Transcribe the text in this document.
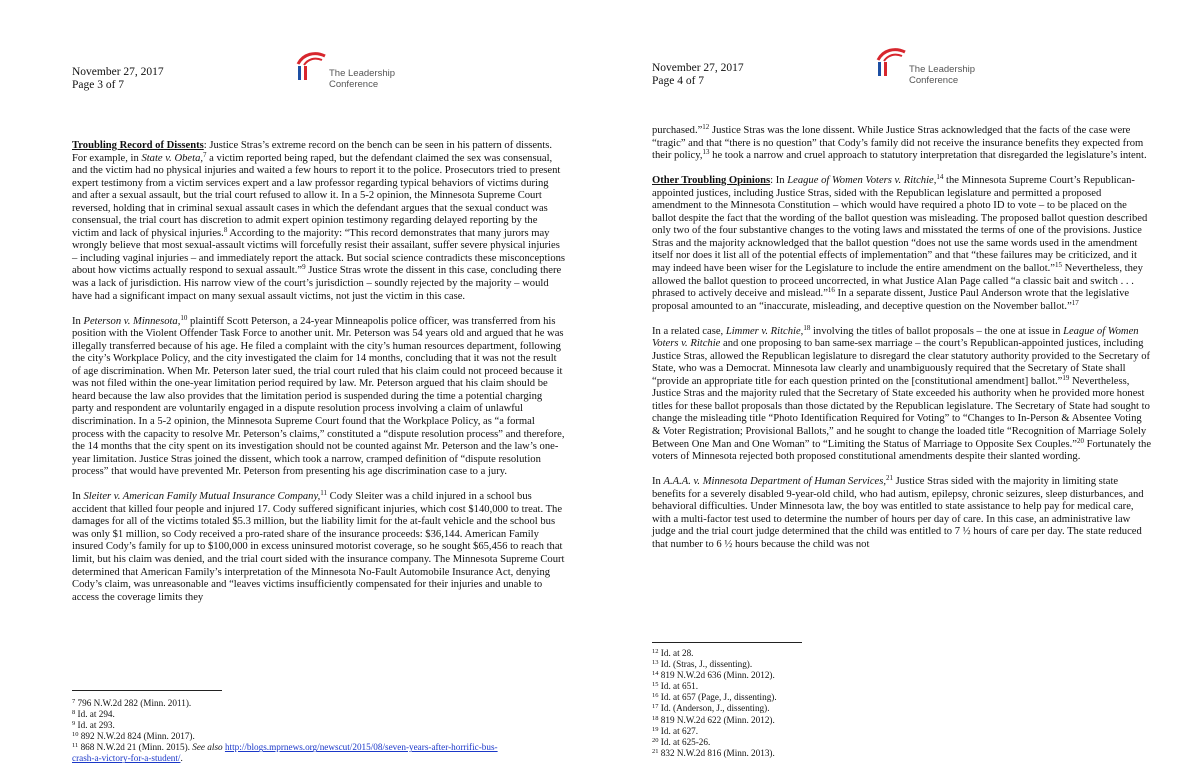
November 27, 2017
Page 3 of 7
The Leadership
Conference

Troubling Record of Dissents: Justice Stras’s extreme record on the bench can be seen in his pattern of dissents. For example, in State v. Obeta,$^7$ a victim reported being raped, but the defendant claimed the sex was consensual, and the victim had no physical injuries and waited a few hours to report it to the police. Prosecutors tried to present expert testimony from a victim services expert and a law professor regarding typical behaviors of victims during and after a sexual assault, but the trial court refused to allow it. In a 5-2 opinion, the Minnesota Supreme Court reversed, holding that in criminal sexual assault cases in which the defendant argues that the sexual conduct was consensual, the trial court has discretion to admit expert opinion testimony regarding delayed reporting by the victim and lack of physical injuries.$^8$ According to the majority: “This record demonstrates that many jurors may wrongly believe that most sexual-assault victims will forcefully resist their assailant, suffer severe physical injuries – including vaginal injuries – and immediately report the attack. But social science contradicts these misconceptions about how victims actually respond to sexual assault.”$^9$ Justice Stras wrote the dissent in this case, concluding there was a lack of jurisdiction. His narrow view of the court’s jurisdiction – soundly rejected by the majority – would have had a significant impact on many sexual assault victims, not just the victim in this case.

In Peterson v. Minnesota,$^{10}$ plaintiff Scott Peterson, a 24-year Minneapolis police officer, was transferred from his position with the Violent Offender Task Force to another unit. Mr. Peterson was 54 years old and argued that he was illegally transferred because of his age. He filed a complaint with the city’s human resources department, following the city’s Workplace Policy, and the city investigated the claim for 14 months, concluding that it was not the result of age discrimination. When Mr. Peterson later sued, the trial court ruled that his claim could not proceed because it was not filed within the one-year limitation period required by law. Mr. Peterson argued that his claim should be heard because the law also provides that the limitation period is suspended during the time a potential charging party and respondent are voluntarily engaged in a dispute resolution process involving a claim of unlawful discrimination. In a 5-2 opinion, the Minnesota Supreme Court found that the Workplace Policy, as “a formal process with the capacity to resolve Mr. Peterson’s claims,” constituted a “dispute resolution process” and therefore, the 14 months that the city spent on its investigation should not be counted against Mr. Peterson and the law’s one-year limitation. Justice Stras joined the dissent, which took a narrow, cramped definition of “dispute resolution process” that would have prevented Mr. Peterson from presenting his age discrimination case to a jury.

In Sleiter v. American Family Mutual Insurance Company,$^{11}$ Cody Sleiter was a child injured in a school bus accident that killed four people and injured 17. Cody suffered significant injuries, which cost $140,000 to treat. The damages for all of the victims totaled $5.3 million, but the liability limit for the at-fault vehicle and the school bus was only $1 million, so Cody received a pro-rated share of the insurance proceeds: $36,144. American Family insured Cody’s family for up to $100,000 in excess uninsured motorist coverage, so he sought $65,456 to reach that limit, but his claim was denied, and the trial court sided with the insurance company. The Minnesota Supreme Court determined that American Family’s interpretation of the Minnesota No-Fault Automobile Insurance Act, denying Cody’s claim, was unreasonable and “leaves victims insufficiently compensated for their injuries and unable to access the coverage limits they

$^7$ 796 N.W.2d 282 (Minn. 2011).
$^8$ Id. at 294.
$^9$ Id. at 293.
$^{10}$ 892 N.W.2d 824 (Minn. 2017).
$^{11}$ 868 N.W.2d 21 (Minn. 2015). See also http://blogs.mprnews.org/newscut/2015/08/seven-years-after-horrific-bus-
crash-a-victory-for-a-student/.
November 27, 2017
Page 4 of 7
The Leadership
Conference

purchased.”$^{12}$ Justice Stras was the lone dissent. While Justice Stras acknowledged that the facts of the case were “tragic” and that “there is no question” that Cody’s family did not receive the insurance benefits they expected from their policy,$^{13}$ he took a narrow and cruel approach to statutory interpretation that disregarded the legislature’s intent.

Other Troubling Opinions: In League of Women Voters v. Ritchie,$^{14}$ the Minnesota Supreme Court’s Republican-appointed justices, including Justice Stras, sided with the Republican legislature and permitted a proposed amendment to the Minnesota Constitution – which would have required a photo ID to vote – to be placed on the ballot despite the fact that the wording of the ballot question was misleading. The proposed ballot question described only two of the four substantive changes to the voting laws and misstated the terms of one of the provisions. Justice Stras and the majority acknowledged that the ballot question “does not use the same words used in the amendment itself nor does it list all of the potential effects of implementation” and that “these failures may be criticized, and it may indeed have been wiser for the Legislature to include the entire amendment on the ballot.”$^{15}$ Nevertheless, they allowed the ballot question to proceed uncorrected, in what Justice Alan Page called “a classic bait and switch . . . phrased to actively deceive and mislead.”$^{16}$ In a separate dissent, Justice Paul Anderson wrote that the legislative proposal amounted to an “inaccurate, misleading, and deceptive question on the November ballot.”$^{17}$

In a related case, Limmer v. Ritchie,$^{18}$ involving the titles of ballot proposals – the one at issue in League of Women Voters v. Ritchie and one proposing to ban same-sex marriage – the court’s Republican-appointed justices, including Justice Stras, allowed the Republican legislature to disregard the clear statutory authority provided to the Secretary of State, who was a Democrat. Minnesota law clearly and unambiguously required that the Secretary of State shall “provide an appropriate title for each question printed on the [constitutional amendment] ballot.”$^{19}$ Nevertheless, Justice Stras and the majority ruled that the Secretary of State exceeded his authority when he provided more honest titles for these ballot proposals than those dictated by the Republican legislature. The Secretary of State had sought to change the misleading title “Photo Identification Required for Voting” to “Changes to In-Person & Absentee Voting & Voter Registration; Provisional Ballots,” and he sought to change the loaded title “Recognition of Marriage Solely Between One Man and One Woman” to “Limiting the Status of Marriage to Opposite Sex Couples.”$^{20}$ Fortunately the voters of Minnesota rejected both proposed constitutional amendments despite their slanted wording.

In A.A.A. v. Minnesota Department of Human Services,$^{21}$ Justice Stras sided with the majority in limiting state benefits for a severely disabled 9-year-old child, who had autism, epilepsy, chronic seizures, sleep disturbances, and behavioral difficulties. Under Minnesota law, the boy was entitled to state assistance to help pay for medical care, with a multi-factor test used to determine the number of hours per day of care. In this case, an administrative law judge and the trial court judge determined that the child was entitled to 7 ½ hours of care per day. The state reduced that number to 6 ½ hours because the child was not

$^{12}$ Id. at 28.
$^{13}$ Id. (Stras, J., dissenting).
$^{14}$ 819 N.W.2d 636 (Minn. 2012).
$^{15}$ Id. at 651.
$^{16}$ Id. at 657 (Page, J., dissenting).
$^{17}$ Id. (Anderson, J., dissenting).
$^{18}$ 819 N.W.2d 622 (Minn. 2012).
$^{19}$ Id. at 627.
$^{20}$ Id. at 625-26.
$^{21}$ 832 N.W.2d 816 (Minn. 2013).
